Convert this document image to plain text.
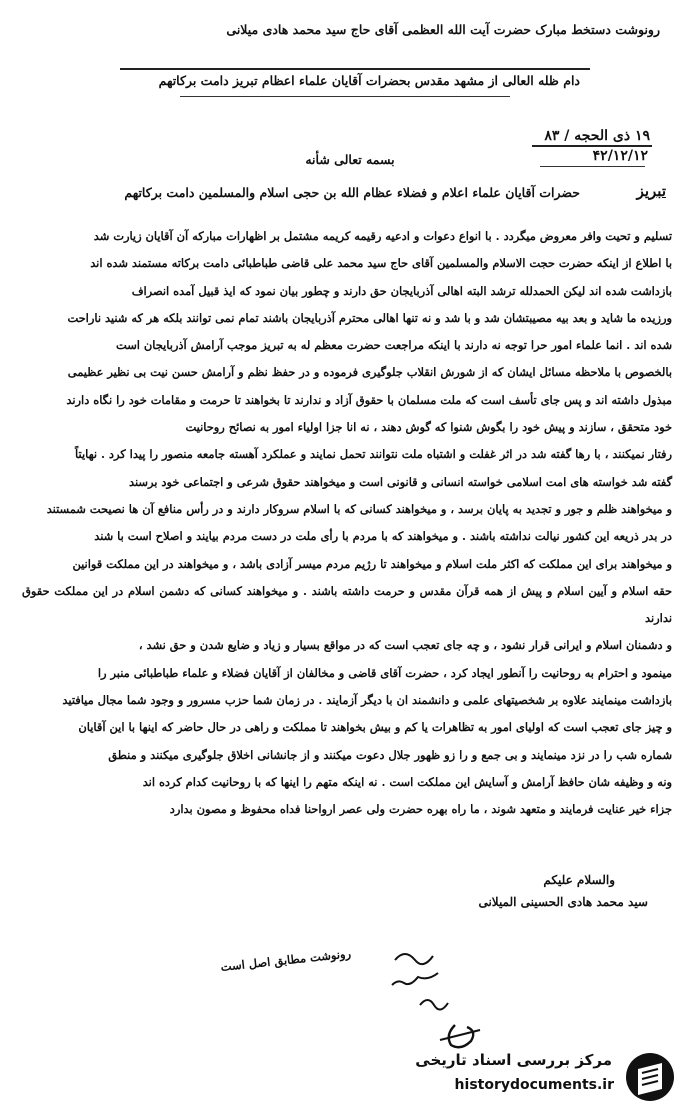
رونوشت دستخط مبارک حضرت آیت الله العظمی آقای حاج سید محمد هادی میلانی
دام ظله العالی از مشهد مقدس بحضرات آقایان علماء اعظام تبریز دامت برکاتهم
۱۹ ذی الحجه / ۸۳
۴۲/۱۲/۱۲
بسمه تعالی شأنه
تبریز
حضرات آقایان علماء اعلام و فضلاء عظام الله بن حجی اسلام والمسلمین دامت برکاتهم
تسلیم و تحیت وافر معروض میگردد . با انواع دعوات و ادعیه رقیمه کریمه مشتمل بر اظهارات مبارکه آن آقایان زیارت شد
با اطلاع از اینکه حضرت حجت الاسلام والمسلمین آقای حاج سید محمد علی قاضی طباطبائی دامت برکاته مستمند شده اند
بازداشت شده اند لیکن الحمدلله ترشد البته اهالی آذربایجان حق دارند و چطور بیان نمود که ایذ قبیل آمده انصراف
ورزیده ما شاید و بعد بیه مصیبتشان شد و با شد و نه تنها اهالی محترم آذربایجان باشند تمام نمی توانند بلکه هر که شنید ناراحت
شده اند . انما علماء امور حرا توجه نه دارند با اینکه مراجعت حضرت معظم له به تبریز موجب آرامش آذربایجان است
بالخصوص با ملاحظه مسائل ایشان که از شورش انقلاب جلوگیری فرموده و در حفظ نظم و آرامش حسن نیت بی نظیر عظیمی
مبذول داشته اند و پس جای تأسف است که ملت مسلمان با حقوق آزاد و ندارند تا بخواهند تا حرمت و مقامات خود را نگاه دارند
خود متحقق ، سازند و پیش خود را بگوش شنوا که گوش دهند ، نه انا جزا اولیاء امور به نصائح روحانیت
رفتار نمیکنند ، با رها گفته شد در اثر غفلت و اشتباه ملت نتوانند تحمل نمایند و عملکرد آهسته جامعه منصور را پیدا کرد . نهایتاً
گفته شد خواسته های امت اسلامی خواسته انسانی و قانونی است و میخواهند حقوق شرعی و اجتماعی خود برسند
و میخواهند ظلم و جور و تجدید به پایان برسد ، و میخواهند کسانی که با اسلام سروکار دارند و در رأس منافع آن ها نصیحت شمستند
در بدر ذریعه این کشور نیالت نداشته باشند . و میخواهند که با مردم با رأی ملت در دست مردم بیایند و اصلاح است با شند
و میخواهند برای این مملکت که اکثر ملت اسلام و میخواهند تا رژیم مردم میسر آزادی باشد ، و میخواهند در این مملکت قوانین
حقه اسلام و آیین اسلام و پیش از همه قرآن مقدس و حرمت داشته باشند . و میخواهند کسانی که دشمن اسلام در این مملکت حقوق ندارند
و دشمنان اسلام و ایرانی قرار نشود ، و چه جای تعجب است که در مواقع بسیار و زیاد و ضایع شدن و حق نشد ،
مینمود و احترام به روحانیت را آنطور ایجاد کرد ، حضرت آقای قاضی و مخالفان از آقایان فضلاء و علماء طباطبائی منبر را
بازداشت مینمایند علاوه بر شخصیتهای علمی و دانشمند ان با دیگر آزمایند . در زمان شما حزب مسرور و وجود شما مجال میافتید
و چیز جای تعجب است که اولیای امور به تظاهرات یا کم و بیش بخواهند تا مملکت و راهی در حال حاضر که اینها با این آقایان
شماره شب را در نزد مینمایند و بی جمع و را زو ظهور جلال دعوت میکنند و از جانشانی اخلاق جلوگیری میکنند و منطق
ونه و وظیفه شان حافظ آرامش و آسایش این مملکت است . نه اینکه متهم را اینها که با روحانیت کدام کرده اند
جزاء خیر عنایت فرمایند و متعهد شوند ، ما راه بهره حضرت ولی عصر ارواحنا فداه محفوظ و مصون بدارد
والسلام علیکم
سید محمد هادی الحسینی المیلانی
رونوشت مطابق اصل است
مرکز بررسی اسناد تاریخی
historydocuments.ir
